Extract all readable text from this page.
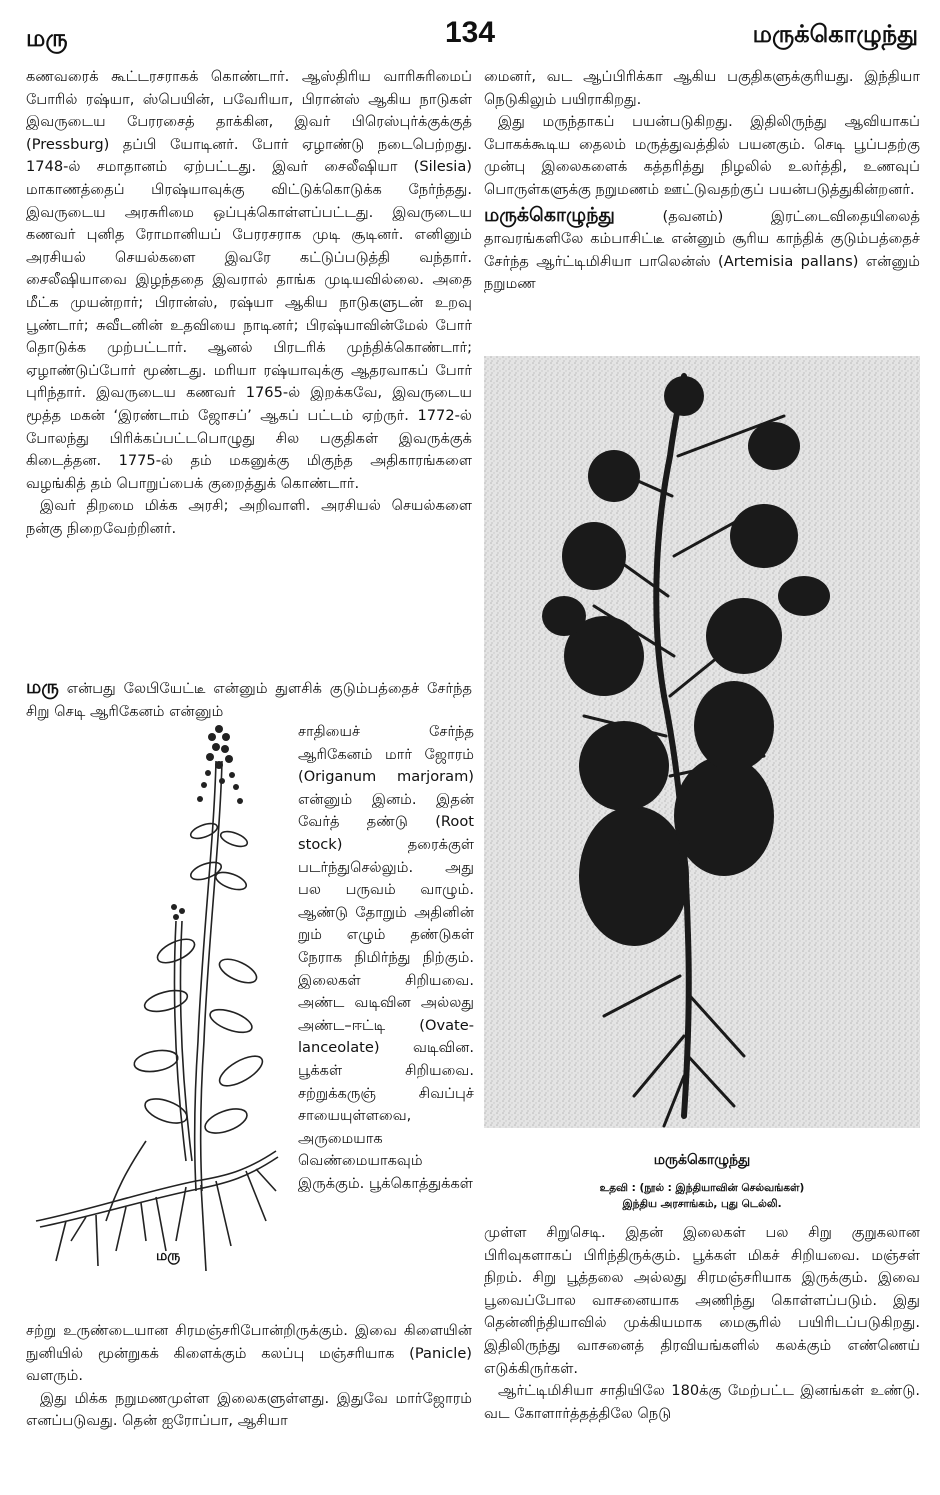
மரு	134	மருக்கொழுந்து

கணவரைக் கூட்டரசராகக் கொண்டார். ஆஸ்திரிய வாரிசுரிமைப் போரில் ரஷ்யா, ஸ்பெயின், பவேரியா, பிரான்ஸ் ஆகிய நாடுகள் இவருடைய பேரரசைத் தாக்கின, இவர் பிரெஸ்புர்க்குக்குத் (Pressburg) தப்பி யோடினர். போர் ஏழாண்டு நடைபெற்றது. 1748-ல் சமாதானம் ஏற்பட்டது. இவர் சைலீஷியா (Silesia) மாகாணத்தைப் பிரஷ்யாவுக்கு விட்டுக்கொடுக்க நேர்ந்தது. இவருடைய அரசுரிமை ஒப்புக்கொள்ளப்பட்டது. இவருடைய கணவர் புனித ரோமானியப் பேரரசராக முடி சூடினர். எனினும் அரசியல் செயல்களை இவரே கட்டுப்படுத்தி வந்தார். சைலீஷியாவை இழந்ததை இவரால் தாங்க முடியவில்லை. அதை மீட்க முயன்றார்; பிரான்ஸ், ரஷ்யா ஆகிய நாடுகளுடன் உறவு பூண்டார்; சுவீடனின் உதவியை நாடினர்; பிரஷ்யாவின்மேல் போர் தொடுக்க முற்பட்டார். ஆனல் பிரடரிக் முந்திக்கொண்டார்; ஏழாண்டுப்போர் மூண்டது. மரியா ரஷ்யாவுக்கு ஆதரவாகப் போர் புரிந்தார். இவருடைய கணவர் 1765-ல் இறக்கவே, இவருடைய மூத்த மகன் ‘இரண்டாம் ஜோசப்’ ஆகப் பட்டம் ஏற்ருர். 1772-ல் போலந்து பிரிக்கப்பட்டபொழுது சில பகுதிகள் இவருக்குக் கிடைத்தன. 1775-ல் தம் மகனுக்கு மிகுந்த அதிகாரங்களை வழங்கித் தம் பொறுப்பைக் குறைத்துக் கொண்டார்.

இவர் திறமை மிக்க அரசி; அறிவாளி. அரசியல் செயல்களை நன்கு நிறைவேற்றினர்.

மரு என்பது லேபியேட்டீ என்னும் துளசிக் குடும்பத்தைச் சேர்ந்த சிறு செடி ஆரிகேனம் என்னும்

சாதியைச் சேர்ந்த ஆரிகேனம் மார் ஜோரம் (Origanum marjoram) என்னும் இனம். இதன் வேர்த் தண்டு (Root stock) தரைக்குள் படர்ந்துசெல்லும். அது பல பருவம் வாழும். ஆண்டு தோறும் அதினின் றும் எழும் தண்டுகள் நேராக நிமிர்ந்து நிற்கும். இலைகள் சிறியவை. அண்ட வடிவின அல்லது அண்ட–ஈட்டி (Ovate-lanceolate) வடிவின. பூக்கள் சிறியவை. சற்றுக்கருஞ் சிவப்புச் சாயையுள்ளவை, அருமையாக வெண்மையாகவும் இருக்கும். பூக்கொத்துக்கள்

மரு

சற்று உருண்டையான சிரமஞ்சரிபோன்றிருக்கும். இவை கிளையின் நுனியில் மூன்றுகக் கிளைக்கும் கலப்பு மஞ்சரியாக (Panicle) வளரும்.

இது மிக்க நறுமணமுள்ள இலைகளுள்ளது. இதுவே மார்ஜோரம் எனப்படுவது. தென் ஐரோப்பா, ஆசியா

மைனர், வட ஆப்பிரிக்கா ஆகிய பகுதிகளுக்குரியது. இந்தியா நெடுகிலும் பயிராகிறது.

இது மருந்தாகப் பயன்படுகிறது. இதிலிருந்து ஆவியாகப் போகக்கூடிய தைலம் மருத்துவத்தில் பயனகும். செடி பூப்பதற்கு முன்பு இலைகளைக் கத்தரித்து நிழலில் உலர்த்தி, உணவுப் பொருள்களுக்கு நறுமணம் ஊட்டுவதற்குப் பயன்படுத்துகின்றனர்.

மருக்கொழுந்து (தவனம்) இரட்டைவிதையிலைத் தாவரங்களிலே கம்பாசிட்டீ என்னும் சூரிய காந்திக் குடும்பத்தைச் சேர்ந்த ஆர்ட்டிமிசியா பாலென்ஸ் (Artemisia pallans) என்னும் நறுமண

மருக்கொழுந்து
உதவி : (நூல் : இந்தியாவின் செல்வங்கள்)
இந்திய அரசாங்கம், புது டெல்லி.

முள்ள சிறுசெடி. இதன் இலைகள் பல சிறு குறுகலான பிரிவுகளாகப் பிரிந்திருக்கும். பூக்கள் மிகச் சிறியவை. மஞ்சள் நிறம். சிறு பூத்தலை அல்லது சிரமஞ்சரியாக இருக்கும். இவை பூவைப்போல வாசனையாக அணிந்து கொள்ளப்படும். இது தென்னிந்தியாவில் முக்கியமாக மைசூரில் பயிரிடப்படுகிறது. இதிலிருந்து வாசனைத் திரவியங்களில் கலக்கும் எண்ணெய் எடுக்கிருர்கள்.

ஆர்ட்டிமிசியா சாதியிலே 180க்கு மேற்பட்ட இனங்கள் உண்டு. வட கோளார்த்தத்திலே நெடு
